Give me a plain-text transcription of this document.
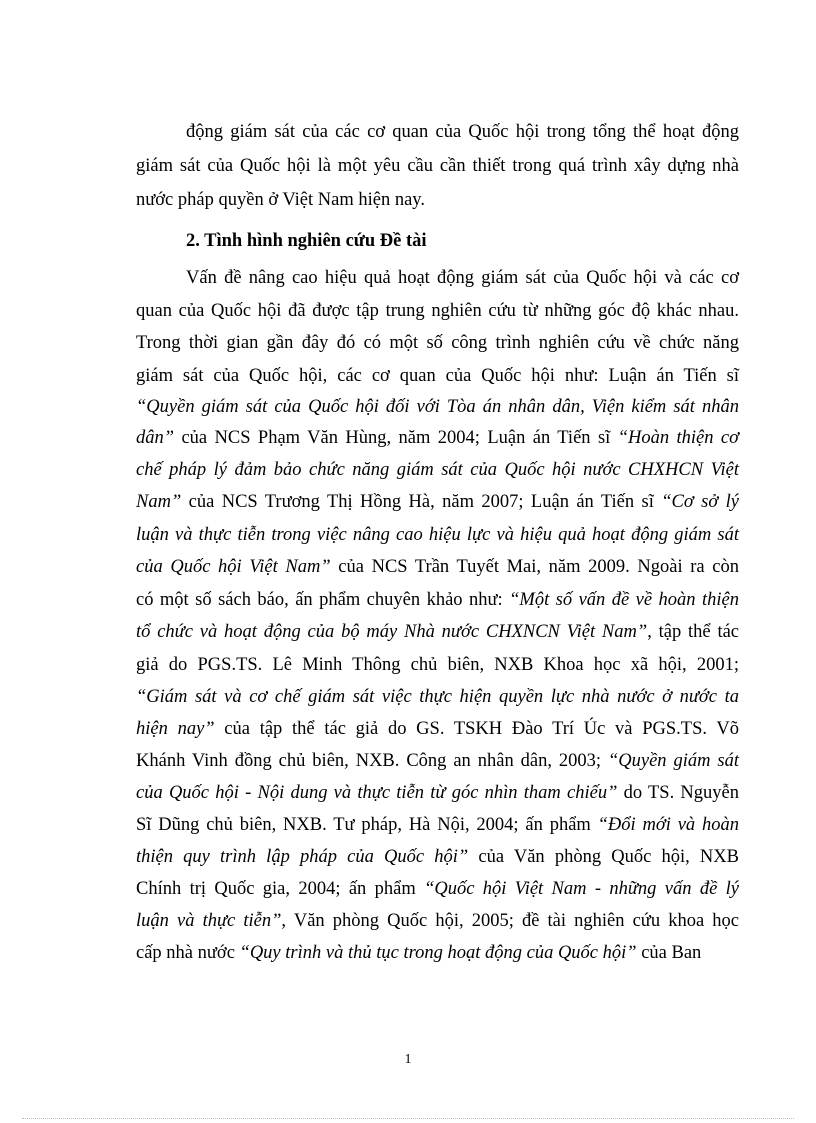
động giám sát của các cơ quan của Quốc hội trong tổng thể hoạt động
giám sát của Quốc hội là một yêu cầu cần thiết trong quá trình xây dựng nhà
nước pháp quyền ở Việt Nam hiện nay.
2. Tình hình nghiên cứu Đề tài
Vấn đề nâng cao hiệu quả hoạt động giám sát của Quốc hội và các cơ
quan của Quốc hội đã được tập trung nghiên cứu từ những góc độ khác nhau.
Trong thời gian gần đây đó có một số công trình nghiên cứu về chức năng
giám sát của Quốc hội, các cơ quan của Quốc hội như: Luận án Tiến sĩ
“Quyền giám sát của Quốc hội đối với Tòa án nhân dân, Viện kiểm sát nhân
dân” của NCS Phạm Văn Hùng, năm 2004; Luận án Tiến sĩ “Hoàn thiện cơ
chế pháp lý đảm bảo chức năng giám sát của Quốc hội nước CHXHCN Việt
Nam” của NCS Trương Thị Hồng Hà, năm 2007; Luận án Tiến sĩ “Cơ sở lý
luận và thực tiễn trong việc nâng cao hiệu lực và hiệu quả hoạt động giám sát
của Quốc hội Việt Nam” của NCS Trần Tuyết Mai, năm 2009. Ngoài ra còn
có một số sách báo, ấn phẩm chuyên khảo như: “Một số vấn đề về hoàn thiện
tổ chức và hoạt động của bộ máy Nhà nước CHXNCN Việt Nam”, tập thể tác
giả do PGS.TS. Lê Minh Thông chủ biên, NXB Khoa học xã hội, 2001;
“Giám sát và cơ chế giám sát việc thực hiện quyền lực nhà nước ở nước ta
hiện nay” của tập thể tác giả do GS. TSKH Đào Trí Úc và PGS.TS. Võ
Khánh Vinh đồng chủ biên, NXB. Công an nhân dân, 2003; “Quyền giám sát
của Quốc hội - Nội dung và thực tiễn từ góc nhìn tham chiếu” do TS. Nguyễn
Sĩ Dũng chủ biên, NXB. Tư pháp, Hà Nội, 2004; ấn phẩm “Đổi mới và hoàn
thiện quy trình lập pháp của Quốc hội” của Văn phòng Quốc hội, NXB
Chính trị Quốc gia, 2004; ấn phẩm “Quốc hội Việt Nam - những vấn đề lý
luận và thực tiễn”, Văn phòng Quốc hội, 2005; đề tài nghiên cứu khoa học
cấp nhà nước “Quy trình và thủ tục trong hoạt động của Quốc hội” của Ban
1
